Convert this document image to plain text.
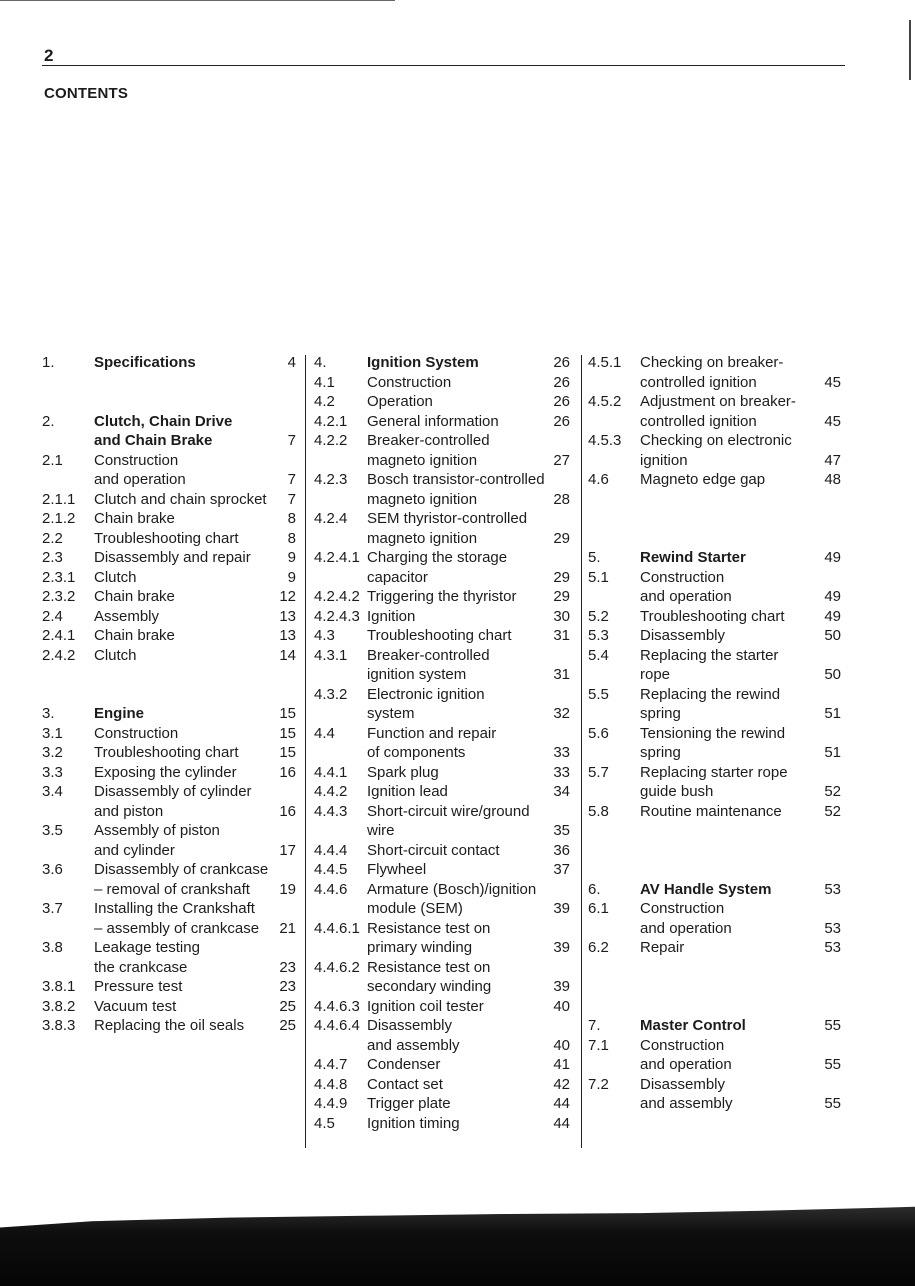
2
CONTENTS
1.	Specifications	4
2.	Clutch, Chain Drive
and Chain Brake	7
2.1 Construction
and operation	7
2.1.1 Clutch and chain sprocket 7
2.1.2 Chain brake	8
2.2 Troubleshooting chart	8
2.3 Disassembly and repair 9
2.3.1 Clutch	9
2.3.2 Chain brake	12
2.4 Assembly	13
2.4.1 Chain brake	13
2.4.2 Clutch	14
3.	Engine	15
3.1 Construction	15
3.2 Troubleshooting chart	15
3.3 Exposing the cylinder	16
3.4 Disassembly of cylinder
and piston	16
3.5 Assembly of piston
and cylinder	17
3.6 Disassembly of crankcase
– removal of crankshaft 19
3.7 Installing the Crankshaft
– assembly of crankcase 21
3.8 Leakage testing
the crankcase	23
3.8.1 Pressure test	23
3.8.2 Vacuum test	25
3.8.3 Replacing the oil seals 25
4.	Ignition System	26
4.1 Construction	26
4.2 Operation	26
4.2.1 General information	26
4.2.2 Breaker-controlled
magneto ignition	27
4.2.3 Bosch transistor-controlled
magneto ignition	28
4.2.4 SEM thyristor-controlled
magneto ignition	29
4.2.4.1 Charging the storage
capacitor	29
4.2.4.2 Triggering the thyristor 29
4.2.4.3 Ignition	30
4.3 Troubleshooting chart	31
4.3.1 Breaker-controlled
ignition system	31
4.3.2 Electronic ignition
system	32
4.4 Function and repair
of components	33
4.4.1 Spark plug	33
4.4.2 Ignition lead	34
4.4.3 Short-circuit wire/ground
wire	35
4.4.4 Short-circuit contact	36
4.4.5 Flywheel	37
4.4.6 Armature (Bosch)/ignition
module (SEM)	39
4.4.6.1 Resistance test on
primary winding	39
4.4.6.2 Resistance test on
secondary winding	39
4.4.6.3 Ignition coil tester	40
4.4.6.4 Disassembly
and assembly	40
4.4.7 Condenser	41
4.4.8 Contact set	42
4.4.9 Trigger plate	44
4.5 Ignition timing	44
4.5.1 Checking on breaker-
controlled ignition	45
4.5.2 Adjustment on breaker-
controlled ignition	45
4.5.3 Checking on electronic
ignition	47
4.6 Magneto edge gap	48
5.	Rewind Starter	49
5.1 Construction
and operation	49
5.2 Troubleshooting chart	49
5.3 Disassembly	50
5.4 Replacing the starter
rope	50
5.5 Replacing the rewind
spring	51
5.6 Tensioning the rewind
spring	51
5.7 Replacing starter rope
guide bush	52
5.8 Routine maintenance	52
6.	AV Handle System	53
6.1 Construction
and operation	53
6.2 Repair	53
7.	Master Control	55
7.1 Construction
and operation	55
7.2 Disassembly
and assembly	55
